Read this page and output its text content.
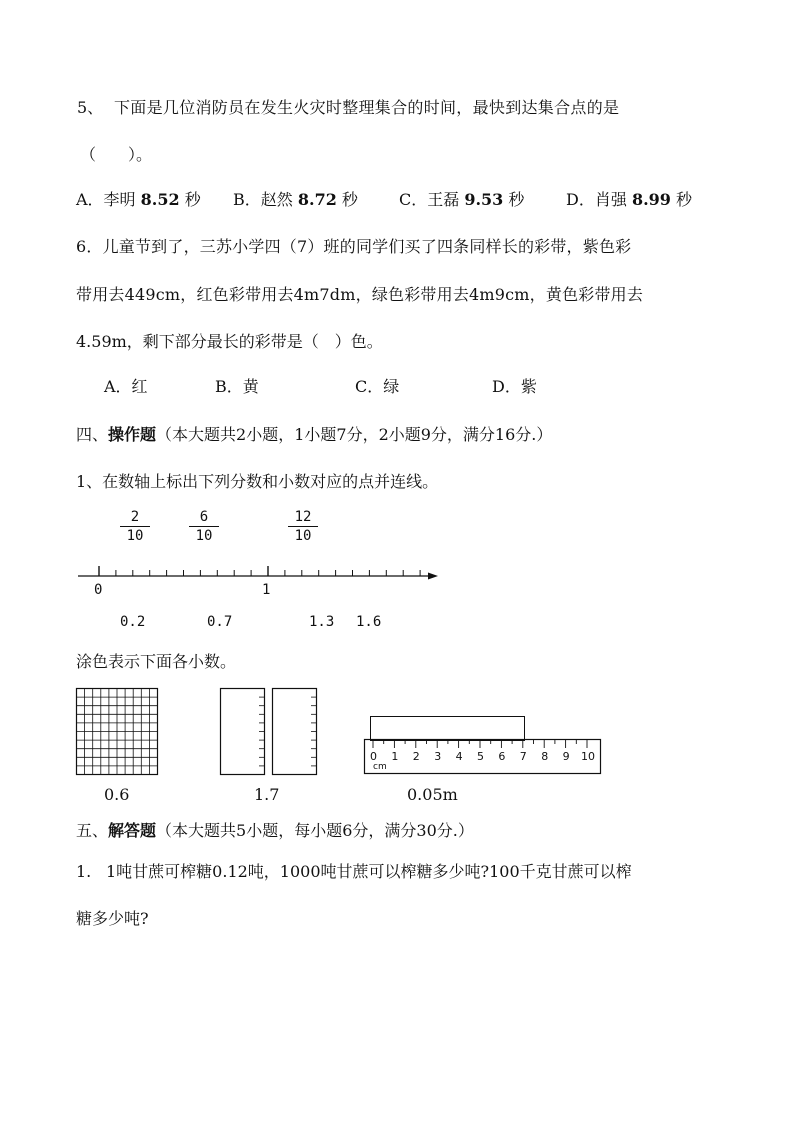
5、 下面是几位消防员在发生火灾时整理集合的时间，最快到达集合点的是
（　　）。
A．李明 8.52 秒 B．赵然 8.72 秒	C．王磊 9.53 秒	D．肖强 8.99 秒
6．儿童节到了，三苏小学四（7）班的同学们买了四条同样长的彩带，紫色彩
带用去449cm，红色彩带用去4m7dm，绿色彩带用去4m9cm，黄色彩带用去
4.59m，剩下部分最长的彩带是（　）色。
A．红	B．黄	C．绿	D．紫
四、操作题（本大题共2小题，1小题7分，2小题9分，满分16分.）
1、在数轴上标出下列分数和小数对应的点并连线。
$\frac{2}{10}$	$\frac{6}{10}$	$\frac{12}{10}$
0	1
0.2	0.7	1.3 1.6
涂色表示下面各小数。
0 1 2 3 4 5 6 7 8 9 10
cm
0.6	1.7	0.05m
五、解答题（本大题共5小题，每小题6分，满分30分.）
1. 1吨甘蔗可榨糖0.12吨，1000吨甘蔗可以榨糖多少吨?100千克甘蔗可以榨
糖多少吨?
